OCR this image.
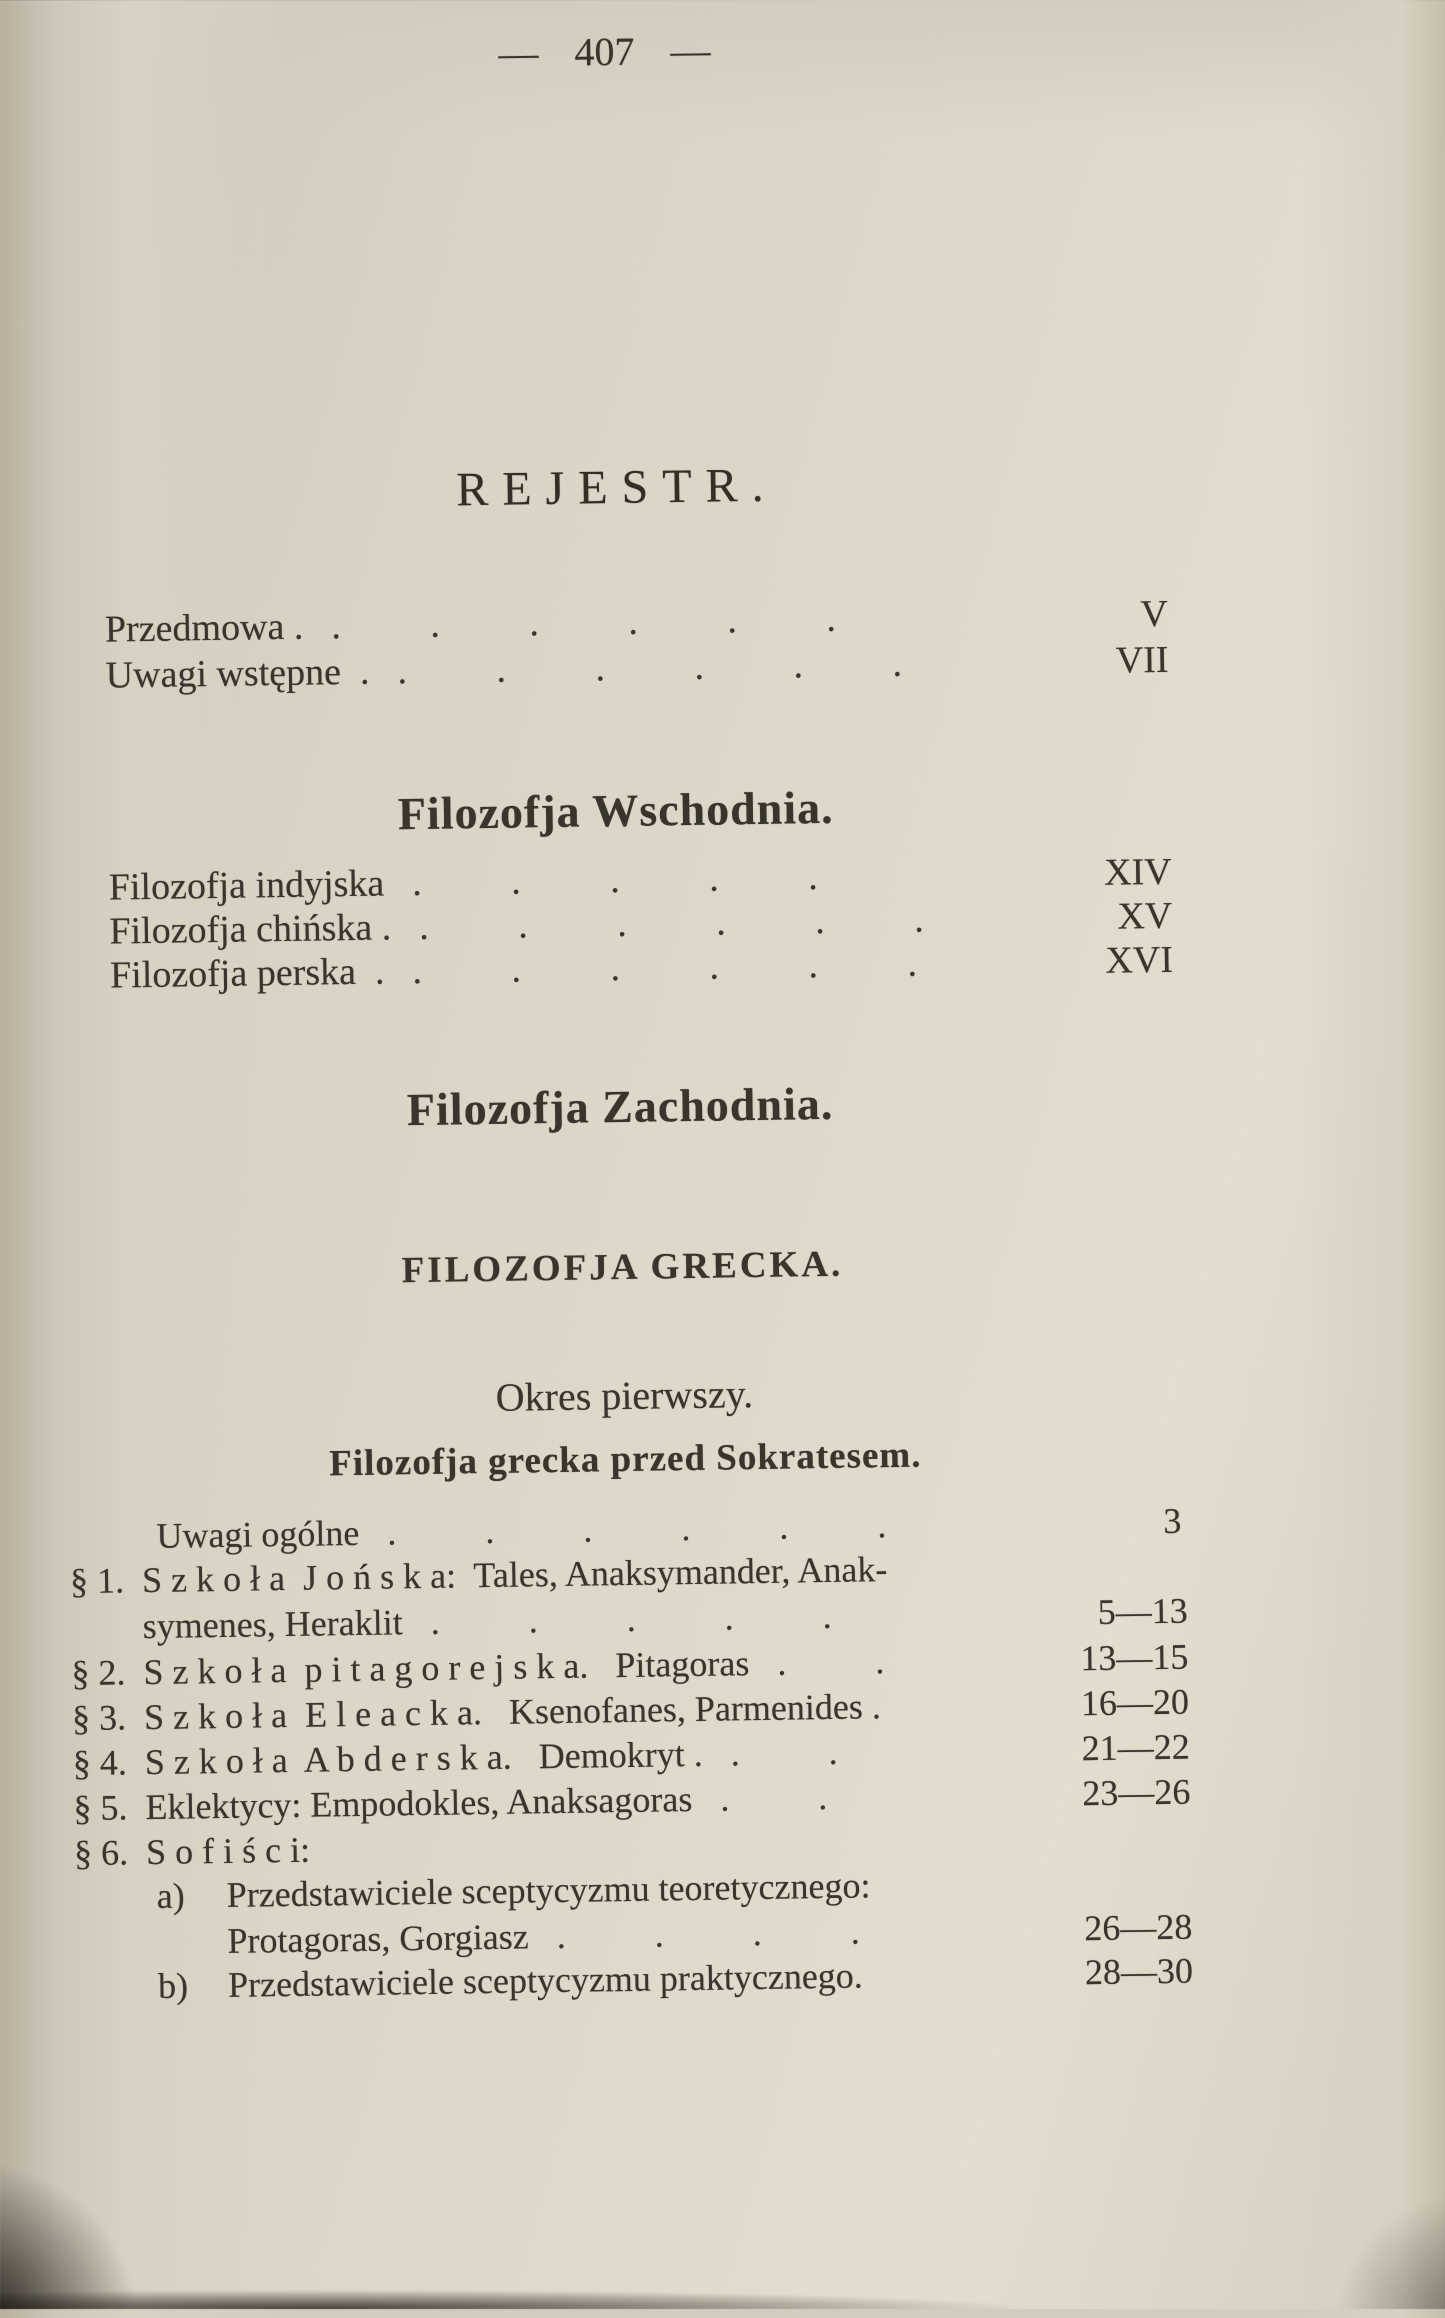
— 407 —
REJESTR.
Przedmowa . . . . . . .	V
Uwagi wstępne  . . . . . . .	VII
Filozofja Wschodnia.
Filozofja indyjska . . . . .	XIV
Filozofja chińska . . . . . . .	XV
Filozofja perska  . . . . . . .	XVI
Filozofja Zachodnia.
FILOZOFJA GRECKA.
Okres pierwszy.
Filozofja grecka przed Sokratesem.
Uwagi ogólne . . . . . .	3
§ 1. S z k o ł a  J o ń s k a:  Tales, Anaksymander, Anak-
symenes, Heraklit . . . . .	5—13
§ 2. S z k o ł a  p i t a g o r e j s k a.   Pitagoras . .	13—15
§ 3. S z k o ł a  E l e a c k a.   Ksenofanes, Parmenides .	16—20
§ 4. S z k o ł a  A b d e r s k a.   Demokryt . . .	21—22
§ 5. Eklektycy: Empodokles, Anaksagoras . .	23—26
§ 6. S o f i ś c i:
a)	Przedstawiciele sceptycyzmu teoretycznego:
Protagoras, Gorgiasz . . . .	26—28
b)	Przedstawiciele sceptycyzmu praktycznego.	28—30
